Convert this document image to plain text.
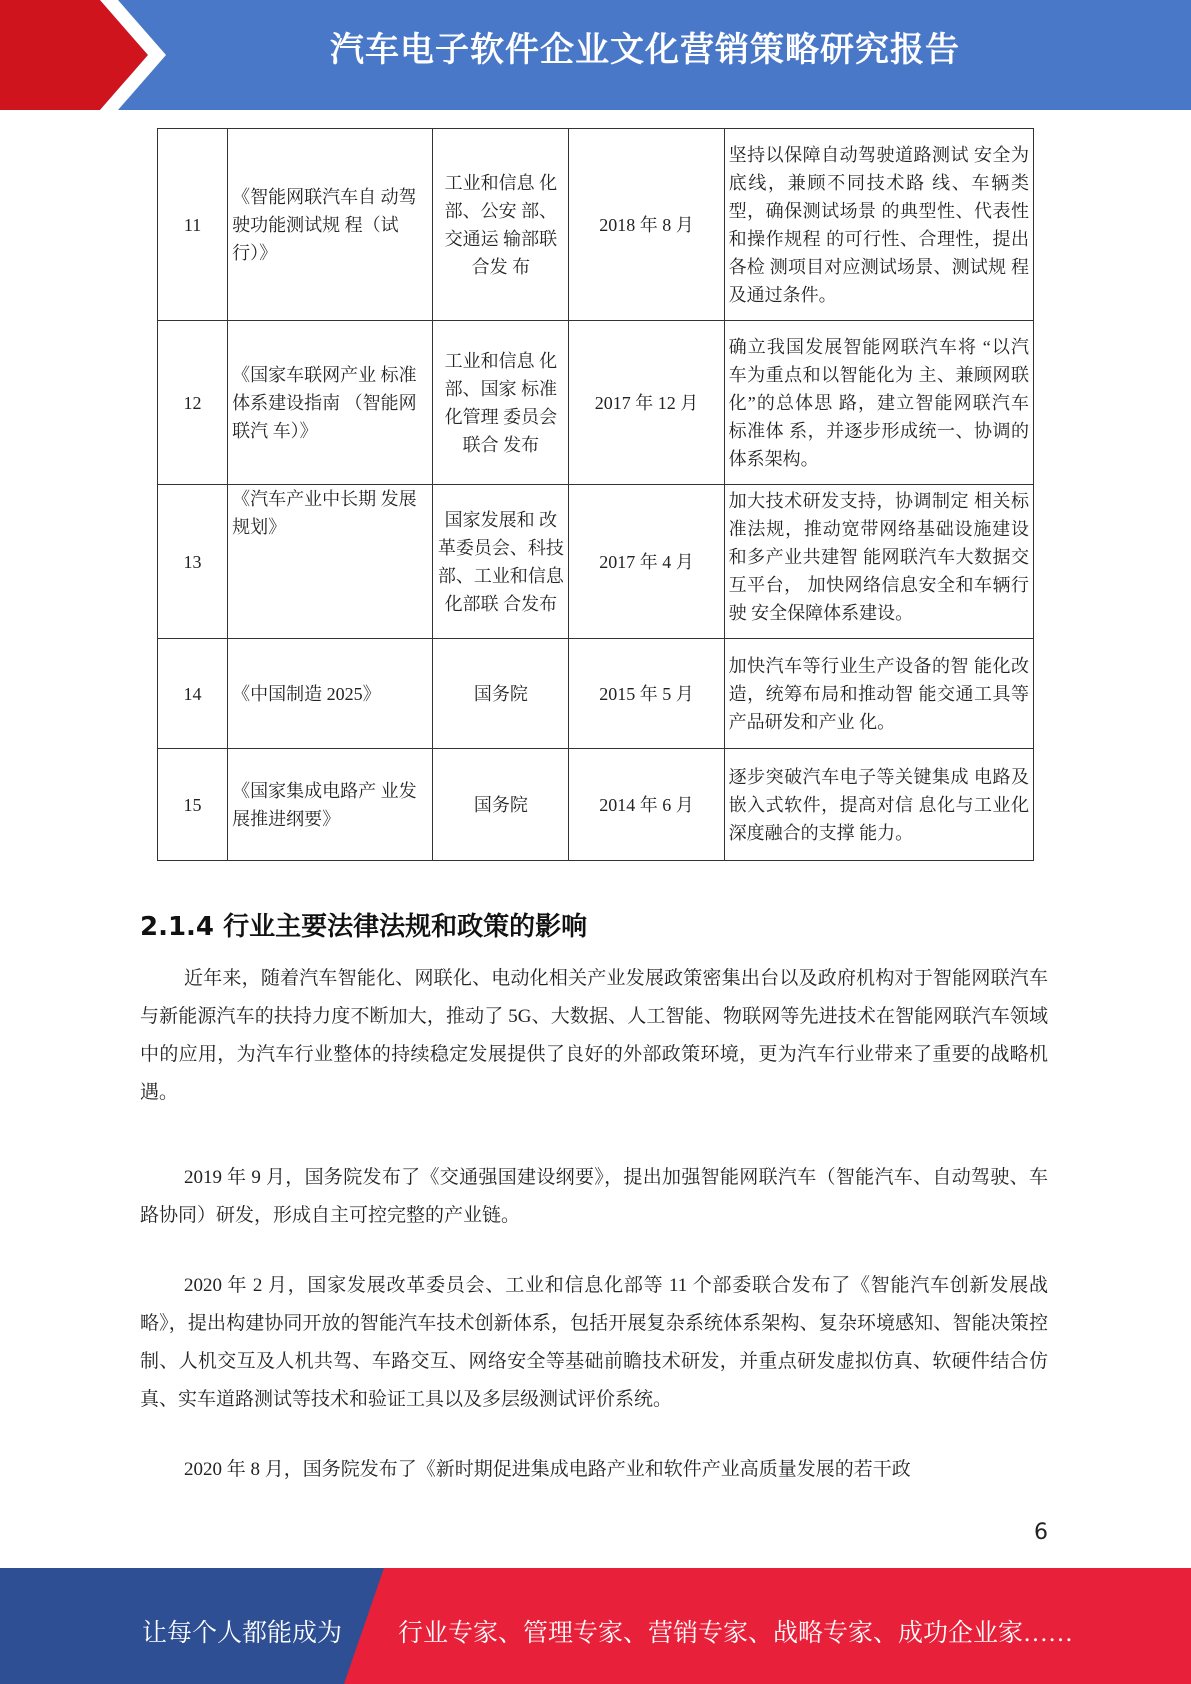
汽车电子软件企业文化营销策略研究报告
11	《智能网联汽车自 动驾驶功能测试规 程（试行）》	工业和信息 化部、公安 部、交通运 输部联合发 布	2018 年 8 月	坚持以保障自动驾驶道路测试 安全为底线，兼顾不同技术路 线、车辆类型，确保测试场景 的典型性、代表性和操作规程 的可行性、合理性，提出各检 测项目对应测试场景、测试规 程及通过条件。
12	《国家车联网产业 标准体系建设指南 （智能网联汽 车）》	工业和信息 化部、国家 标准化管理 委员会联合 发布	2017 年 12 月	确立我国发展智能网联汽车将 “以汽车为重点和以智能化为 主、兼顾网联化”的总体思 路，建立智能网联汽车标准体 系，并逐步形成统一、协调的 体系架构。
13	《汽车产业中长期 发展规划》	国家发展和 改革委员会、科技 部、工业和信息化部联 合发布	2017 年 4 月	加大技术研发支持，协调制定 相关标准法规，推动宽带网络基础设施建设和多产业共建智 能网联汽车大数据交互平台， 加快网络信息安全和车辆行驶 安全保障体系建设。

14	《中国制造 2025》	国务院	2015 年 5 月	加快汽车等行业生产设备的智 能化改造，统筹布局和推动智 能交通工具等产品研发和产业 化。
15	《国家集成电路产 业发展推进纲要》	国务院	2014 年 6 月	逐步突破汽车电子等关键集成 电路及嵌入式软件，提高对信 息化与工业化深度融合的支撑 能力。
2.1.4 行业主要法律法规和政策的影响

近年来，随着汽车智能化、网联化、电动化相关产业发展政策密集出台以及政府机构对于智能网联汽车与新能源汽车的扶持力度不断加大，推动了 5G、大数据、人工智能、物联网等先进技术在智能网联汽车领域中的应用，为汽车行业整体的持续稳定发展提供了良好的外部政策环境，更为汽车行业带来了重要的战略机遇。

2019 年 9 月，国务院发布了《交通强国建设纲要》，提出加强智能网联汽车（智能汽车、自动驾驶、车路协同）研发，形成自主可控完整的产业链。

2020 年 2 月，国家发展改革委员会、工业和信息化部等 11 个部委联合发布了《智能汽车创新发展战略》，提出构建协同开放的智能汽车技术创新体系，包括开展复杂系统体系架构、复杂环境感知、智能决策控制、人机交互及人机共驾、车路交互、网络安全等基础前瞻技术研发，并重点研发虚拟仿真、软硬件结合仿真、实车道路测试等技术和验证工具以及多层级测试评价系统。

2020 年 8 月，国务院发布了《新时期促进集成电路产业和软件产业高质量发展的若干政

6
让每个人都能成为 行业专家、管理专家、营销专家、战略专家、成功企业家……
